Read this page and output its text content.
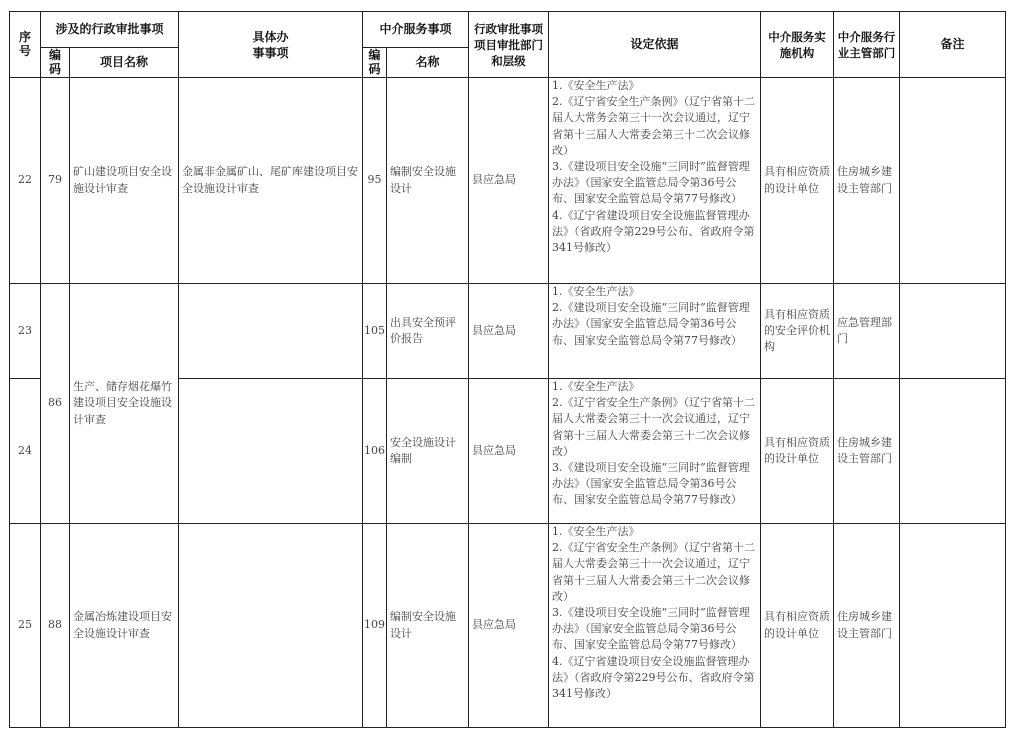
序号	涉及的行政审批事项		具体办事事项	中介服务事项		行政审批事项项目审批部门和层级	设定依据	中介服务实施机构	中介服务行业主管部门	备注
	编码	项目名称		编码	名称					
22	79	矿山建设项目安全设施设计审查	金属非金属矿山、尾矿库建设项目安全设施设计审查	95	编制安全设施设计	县应急局	1.《安全生产法》
2.《辽宁省安全生产条例》（辽宁省第十二届人大常务会第三十一次会议通过，辽宁省第十三届人大常委会第三十二次会议修改）
3.《建设项目安全设施“三同时”监督管理办法》（国家安全监管总局令第36号公布、国家安全监管总局令第77号修改）
4.《辽宁省建设项目安全设施监督管理办法》（省政府令第229号公布、省政府令第341号修改）	具有相应资质的设计单位	住房城乡建设主管部门	
23	86	生产、储存烟花爆竹建设项目安全设施设计审查		105	出具安全预评价报告	县应急局	1.《安全生产法》
2.《建设项目安全设施“三同时”监督管理办法》（国家安全监管总局令第36号公布、国家安全监管总局令第77号修改）	具有相应资质的安全评价机构	应急管理部门	
24				106	安全设施设计编制	县应急局	1.《安全生产法》
2.《辽宁省安全生产条例》（辽宁省第十二届人大常委会第三十一次会议通过，辽宁省第十三届人大常委会第三十二次会议修改）
3.《建设项目安全设施“三同时”监督管理办法》（国家安全监管总局令第36号公布、国家安全监管总局令第77号修改）	具有相应资质的设计单位	住房城乡建设主管部门	
25	88	金属冶炼建设项目安全设施设计审查		109	编制安全设施设计	县应急局	1.《安全生产法》
2.《辽宁省安全生产条例》（辽宁省第十二届人大常委会第三十一次会议通过，辽宁省第十三届人大常委会第三十二次会议修改）
3.《建设项目安全设施“三同时”监督管理办法》（国家安全监管总局令第36号公布、国家安全监管总局令第77号修改）
4.《辽宁省建设项目安全设施监督管理办法》（省政府令第229号公布、省政府令第341号修改）	具有相应资质的设计单位	住房城乡建设主管部门	
